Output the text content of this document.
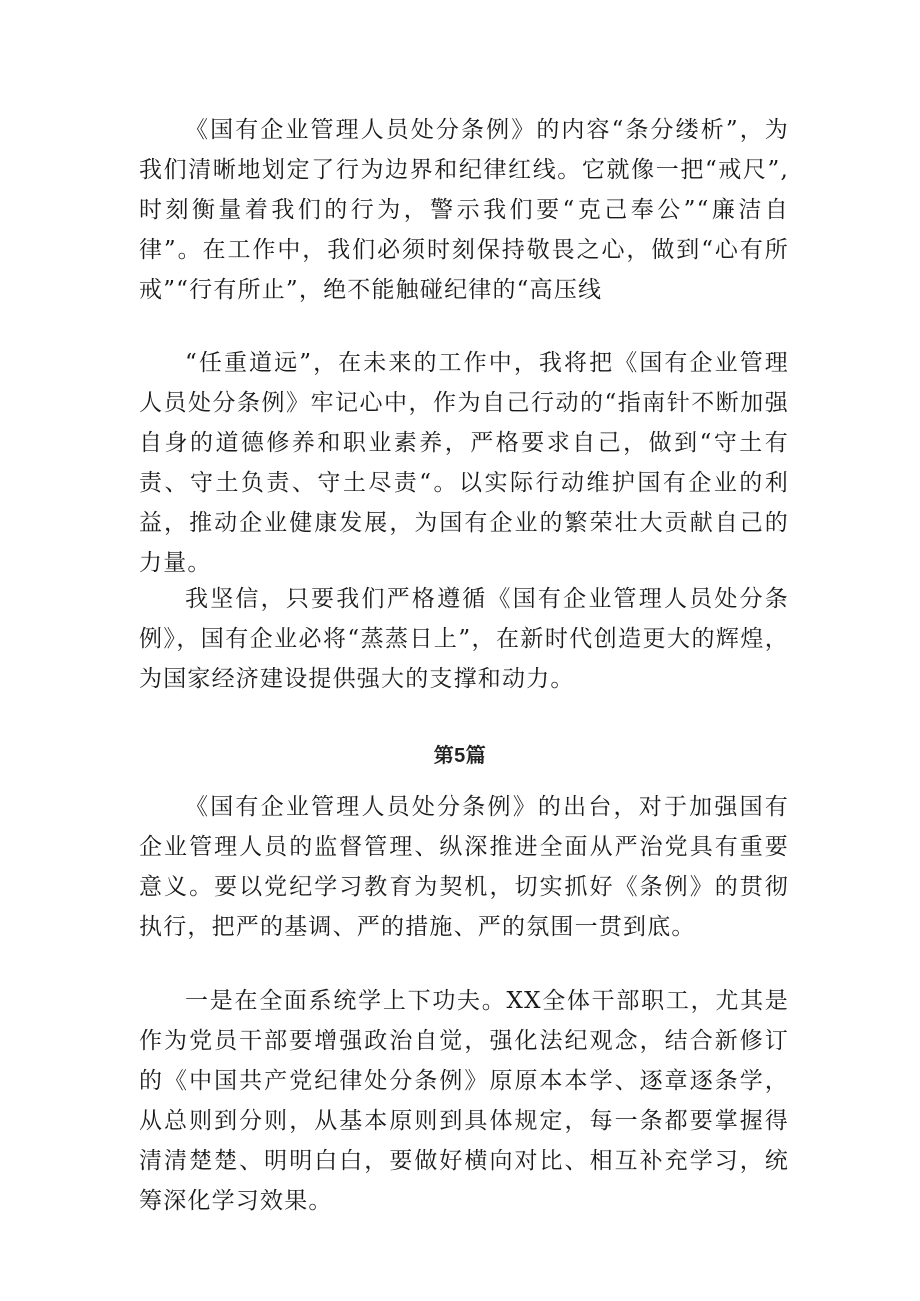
《国有企业管理人员处分条例》的内容“条分缕析”，为我们清晰地划定了行为边界和纪律红线。它就像一把“戒尺”,时刻衡量着我们的行为，警示我们要“克己奉公”“廉洁自律”。在工作中，我们必须时刻保持敬畏之心，做到“心有所戒”“行有所止”，绝不能触碰纪律的“高压线

“任重道远”，在未来的工作中，我将把《国有企业管理人员处分条例》牢记心中，作为自己行动的“指南针不断加强自身的道德修养和职业素养，严格要求自己，做到“守土有责、守土负责、守土尽责“。以实际行动维护国有企业的利益，推动企业健康发展，为国有企业的繁荣壮大贡献自己的力量。

我坚信，只要我们严格遵循《国有企业管理人员处分条例》，国有企业必将“蒸蒸日上”，在新时代创造更大的辉煌，为国家经济建设提供强大的支撑和动力。

第5篇

《国有企业管理人员处分条例》的出台，对于加强国有企业管理人员的监督管理、纵深推进全面从严治党具有重要意义。要以党纪学习教育为契机，切实抓好《条例》的贯彻执行，把严的基调、严的措施、严的氛围一贯到底。

一是在全面系统学上下功夫。XX全体干部职工，尤其是作为党员干部要增强政治自觉，强化法纪观念，结合新修订的《中国共产党纪律处分条例》原原本本学、逐章逐条学，从总则到分则，从基本原则到具体规定，每一条都要掌握得清清楚楚、明明白白，要做好横向对比、相互补充学习，统筹深化学习效果。
